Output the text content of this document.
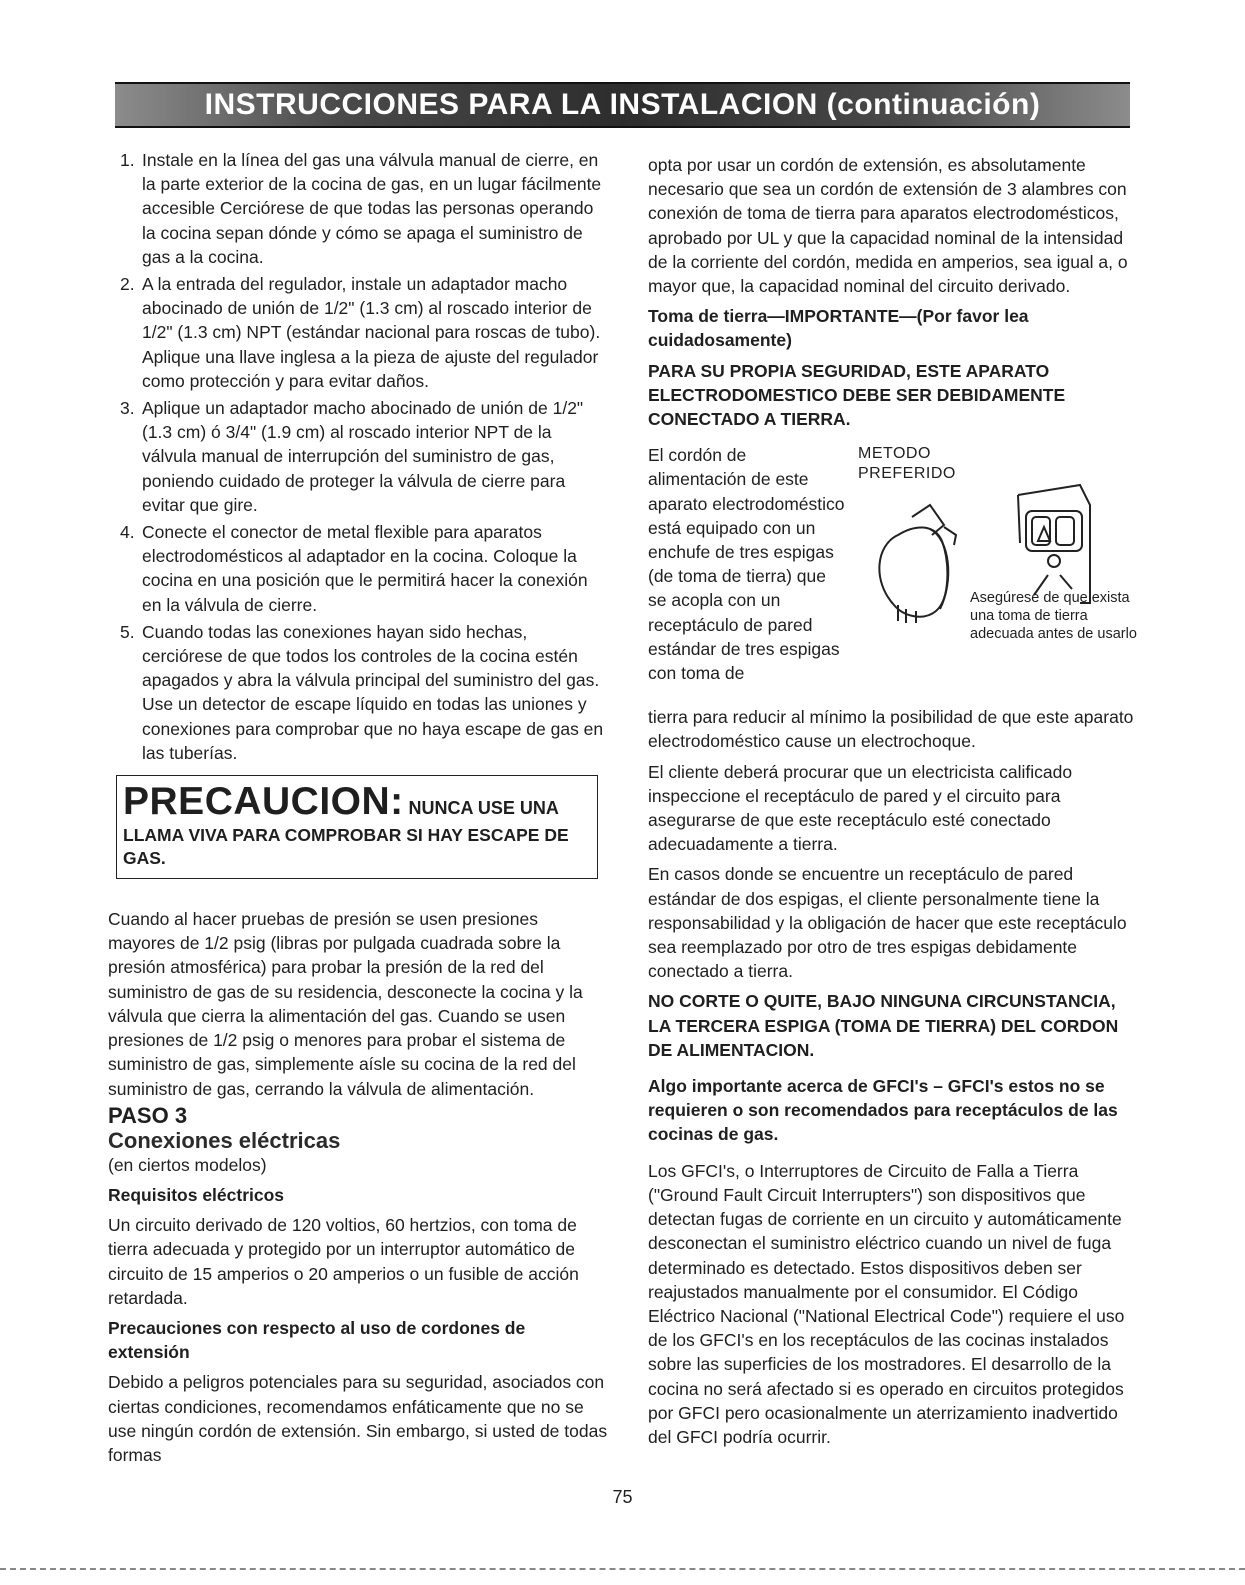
INSTRUCCIONES PARA LA INSTALACION (continuación)
1. Instale en la línea del gas una válvula manual de cierre, en la parte exterior de la cocina de gas, en un lugar fácilmente accesible Cerciórese de que todas las personas operando la cocina sepan dónde y cómo se apaga el suministro de gas a la cocina.
2. A la entrada del regulador, instale un adaptador macho abocinado de unión de 1/2" (1.3 cm) al roscado interior de 1/2" (1.3 cm) NPT (estándar nacional para roscas de tubo). Aplique una llave inglesa a la pieza de ajuste del regulador como protección y para evitar daños.
3. Aplique un adaptador macho abocinado de unión de 1/2" (1.3 cm) ó 3/4" (1.9 cm) al roscado interior NPT de la válvula manual de interrupción del suministro de gas, poniendo cuidado de proteger la válvula de cierre para evitar que gire.
4. Conecte el conector de metal flexible para aparatos electrodomésticos al adaptador en la cocina. Coloque la cocina en una posición que le permitirá hacer la conexión en la válvula de cierre.
5. Cuando todas las conexiones hayan sido hechas, cerciórese de que todos los controles de la cocina estén apagados y abra la válvula principal del suministro del gas. Use un detector de escape líquido en todas las uniones y conexiones para comprobar que no haya escape de gas en las tuberías.
PRECAUCION: NUNCA USE UNA
LLAMA VIVA PARA COMPROBAR SI HAY ESCAPE DE GAS.

Cuando al hacer pruebas de presión se usen presiones mayores de 1/2 psig (libras por pulgada cuadrada sobre la presión atmosférica) para probar la presión de la red del suministro de gas de su residencia, desconecte la cocina y la válvula que cierra la alimentación del gas. Cuando se usen presiones de 1/2 psig o menores para probar el sistema de suministro de gas, simplemente aísle su cocina de la red del suministro de gas, cerrando la válvula de alimentación.

PASO 3
Conexiones eléctricas

(en ciertos modelos)

Requisitos eléctricos

Un circuito derivado de 120 voltios, 60 hertzios, con toma de tierra adecuada y protegido por un interruptor automático de circuito de 15 amperios o 20 amperios o un fusible de acción retardada.

Precauciones con respecto al uso de cordones de extensión

Debido a peligros potenciales para su seguridad, asociados con ciertas condiciones, recomendamos enfáticamente que no se use ningún cordón de extensión. Sin embargo, si usted de todas formas

opta por usar un cordón de extensión, es absolutamente necesario que sea un cordón de extensión de 3 alambres con conexión de toma de tierra para aparatos electrodomésticos, aprobado por UL y que la capacidad nominal de la intensidad de la corriente del cordón, medida en amperios, sea igual a, o mayor que, la capacidad nominal del circuito derivado.

Toma de tierra—IMPORTANTE—(Por favor lea cuidadosamente)

PARA SU PROPIA SEGURIDAD, ESTE APARATO ELECTRODOMESTICO DEBE SER DEBIDAMENTE CONECTADO A TIERRA.

El cordón de alimentación de este aparato electrodoméstico está equipado con un enchufe de tres espigas (de toma de tierra) que se acopla con un receptáculo de pared estándar de tres espigas con toma de

METODO PREFERIDO

Asegúrese de que exista una toma de tierra adecuada antes de usarlo

tierra para reducir al mínimo la posibilidad de que este aparato electrodoméstico cause un electrochoque.

El cliente deberá procurar que un electricista calificado inspeccione el receptáculo de pared y el circuito para asegurarse de que este receptáculo esté conectado adecuadamente a tierra.

En casos donde se encuentre un receptáculo de pared estándar de dos espigas, el cliente personalmente tiene la responsabilidad y la obligación de hacer que este receptáculo sea reemplazado por otro de tres espigas debidamente conectado a tierra.

NO CORTE O QUITE, BAJO NINGUNA CIRCUNSTANCIA, LA TERCERA ESPIGA (TOMA DE TIERRA) DEL CORDON DE ALIMENTACION.

Algo importante acerca de GFCI's – GFCI's estos no se requieren o son recomendados para receptáculos de las cocinas de gas.

Los GFCI's, o Interruptores de Circuito de Falla a Tierra ("Ground Fault Circuit Interrupters") son dispositivos que detectan fugas de corriente en un circuito y automáticamente desconectan el suministro eléctrico cuando un nivel de fuga determinado es detectado. Estos dispositivos deben ser reajustados manualmente por el consumidor. El Código Eléctrico Nacional ("National Electrical Code") requiere el uso de los GFCI's en los receptáculos de las cocinas instalados sobre las superficies de los mostradores. El desarrollo de la cocina no será afectado si es operado en circuitos protegidos por GFCI pero ocasionalmente un aterrizamiento inadvertido del GFCI podría ocurrir.

75
